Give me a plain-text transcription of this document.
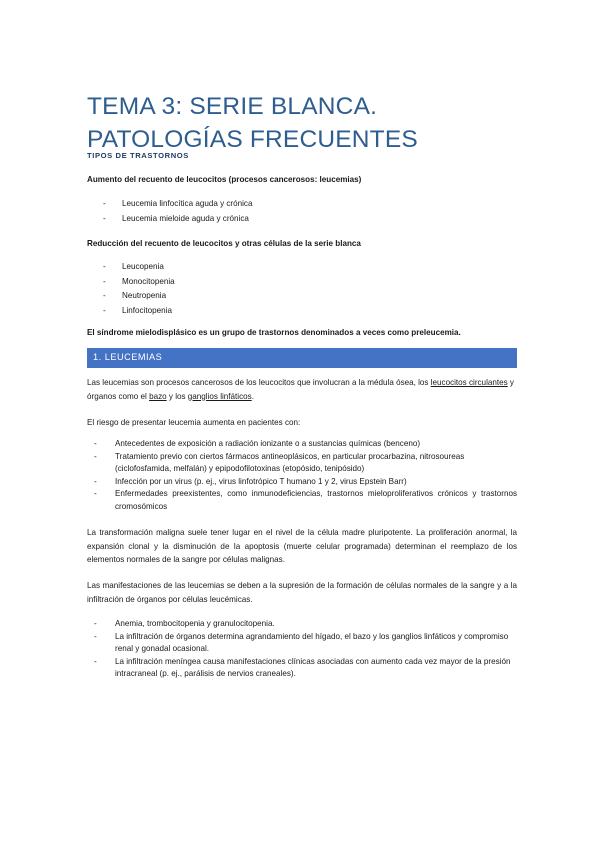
TEMA 3: SERIE BLANCA. PATOLOGÍAS FRECUENTES
TIPOS DE TRASTORNOS

Aumento del recuento de leucocitos (procesos cancerosos: leucemias)

- Leucemia linfocítica aguda y crónica
- Leucemia mieloide aguda y crónica

Reducción del recuento de leucocitos y otras células de la serie blanca

- Leucopenia
- Monocitopenia
- Neutropenia
- Linfocitopenia

El síndrome mielodisplásico es un grupo de trastornos denominados a veces como preleucemia.

1. LEUCEMIAS

Las leucemias son procesos cancerosos de los leucocitos que involucran a la médula ósea, los leucocitos circulantes y órganos como el bazo y los ganglios linfáticos.

El riesgo de presentar leucemia aumenta en pacientes con:

- Antecedentes de exposición a radiación ionizante o a sustancias químicas (benceno)
- Tratamiento previo con ciertos fármacos antineoplásicos, en particular procarbazina, nitrosoureas (ciclofosfamida, melfalán) y epipodofilotoxinas (etopósido, tenipósido)
- Infección por un virus (p. ej., virus linfotrópico T humano 1 y 2, virus Epstein Barr)
- Enfermedades preexistentes, como inmunodeficiencias, trastornos mieloproliferativos crónicos y trastornos cromosómicos

La transformación maligna suele tener lugar en el nivel de la célula madre pluripotente. La proliferación anormal, la expansión clonal y la disminución de la apoptosis (muerte celular programada) determinan el reemplazo de los elementos normales de la sangre por células malignas.

Las manifestaciones de las leucemias se deben a la supresión de la formación de células normales de la sangre y a la infiltración de órganos por células leucémicas.

- Anemia, trombocitopenia y granulocitopenia.
- La infiltración de órganos determina agrandamiento del hígado, el bazo y los ganglios linfáticos y compromiso renal y gonadal ocasional.
- La infiltración meníngea causa manifestaciones clínicas asociadas con aumento cada vez mayor de la presión intracraneal (p. ej., parálisis de nervios craneales).
